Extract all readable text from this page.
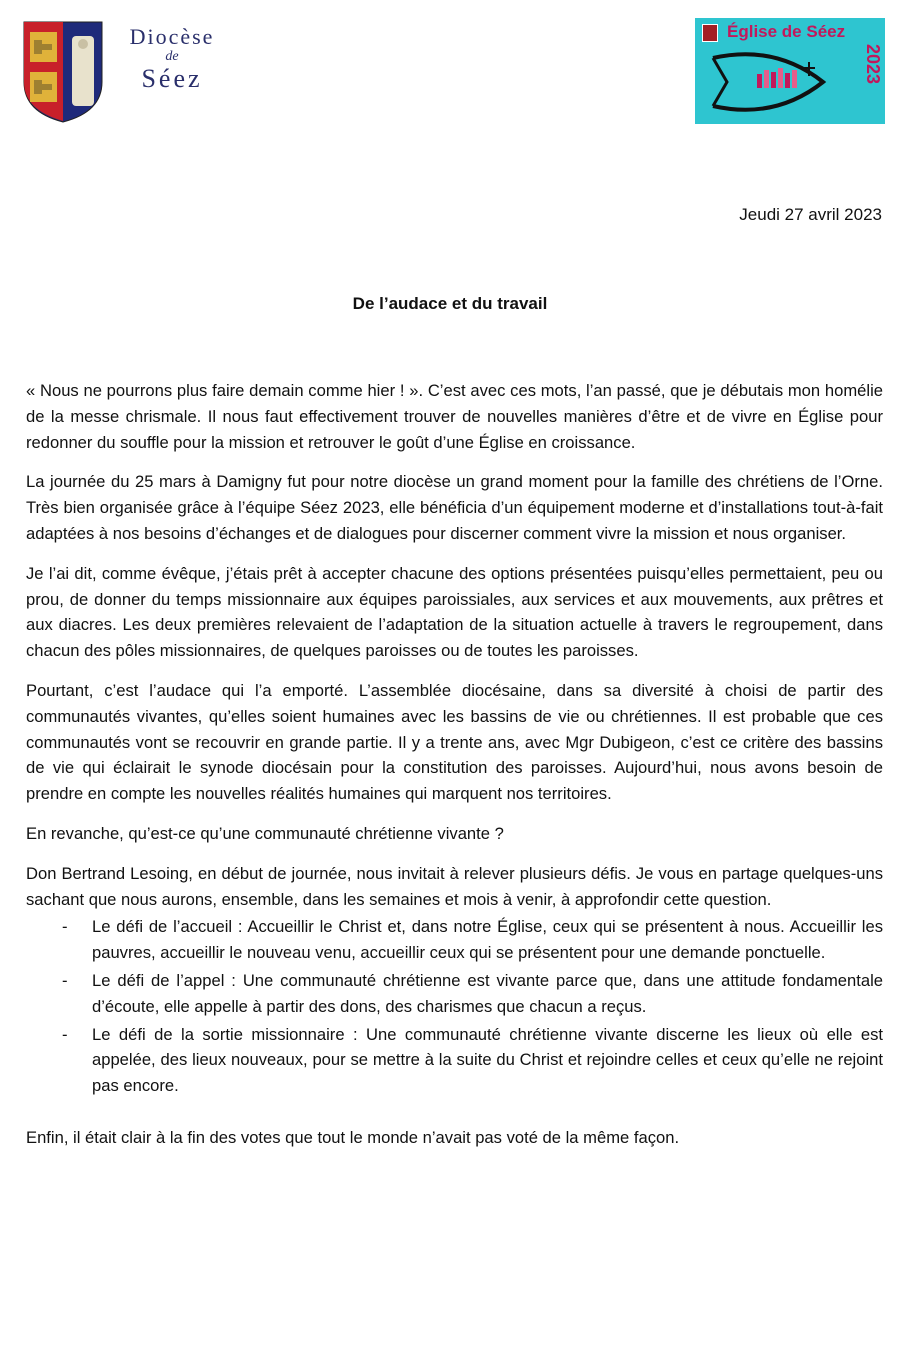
Diocèse
de
Séez
Église de Séez
2023
Jeudi 27 avril 2023
De l’audace et du travail

« Nous ne pourrons plus faire demain comme hier ! ». C’est avec ces mots, l’an passé, que je débutais mon homélie de la messe chrismale. Il nous faut effectivement trouver de nouvelles manières d’être et de vivre en Église pour redonner du souffle pour la mission et retrouver le goût d’une Église en croissance.

La journée du 25 mars à Damigny fut pour notre diocèse un grand moment pour la famille des chrétiens de l’Orne. Très bien organisée grâce à l’équipe Séez 2023, elle bénéficia d’un équipement moderne et d’installations tout-à-fait adaptées à nos besoins d’échanges et de dialogues pour discerner comment vivre la mission et nous organiser.

Je l’ai dit, comme évêque, j’étais prêt à accepter chacune des options présentées puisqu’elles permettaient, peu ou prou, de donner du temps missionnaire aux équipes paroissiales, aux services et aux mouvements, aux prêtres et aux diacres. Les deux premières relevaient de l’adaptation de la situation actuelle à travers le regroupement, dans chacun des pôles missionnaires, de quelques paroisses ou de toutes les paroisses.

Pourtant, c’est l’audace qui l’a emporté. L’assemblée diocésaine, dans sa diversité à choisi de partir des communautés vivantes, qu’elles soient humaines avec les bassins de vie ou chrétiennes. Il est probable que ces communautés vont se recouvrir en grande partie. Il y a trente ans, avec Mgr Dubigeon, c’est ce critère des bassins de vie qui éclairait le synode diocésain pour la constitution des paroisses. Aujourd’hui, nous avons besoin de prendre en compte les nouvelles réalités humaines qui marquent nos territoires.

En revanche, qu’est-ce qu’une communauté chrétienne vivante ?

Don Bertrand Lesoing, en début de journée, nous invitait à relever plusieurs défis. Je vous en partage quelques-uns sachant que nous aurons, ensemble, dans les semaines et mois à venir, à approfondir cette question.

- Le défi de l’accueil : Accueillir le Christ et, dans notre Église, ceux qui se présentent à nous. Accueillir les pauvres, accueillir le nouveau venu, accueillir ceux qui se présentent pour une demande ponctuelle.
- Le défi de l’appel : Une communauté chrétienne est vivante parce que, dans une attitude fondamentale d’écoute, elle appelle à partir des dons, des charismes que chacun a reçus.
- Le défi de la sortie missionnaire : Une communauté chrétienne vivante discerne les lieux où elle est appelée, des lieux nouveaux, pour se mettre à la suite du Christ et rejoindre celles et ceux qu’elle ne rejoint pas encore.

Enfin, il était clair à la fin des votes que tout le monde n’avait pas voté de la même façon.
